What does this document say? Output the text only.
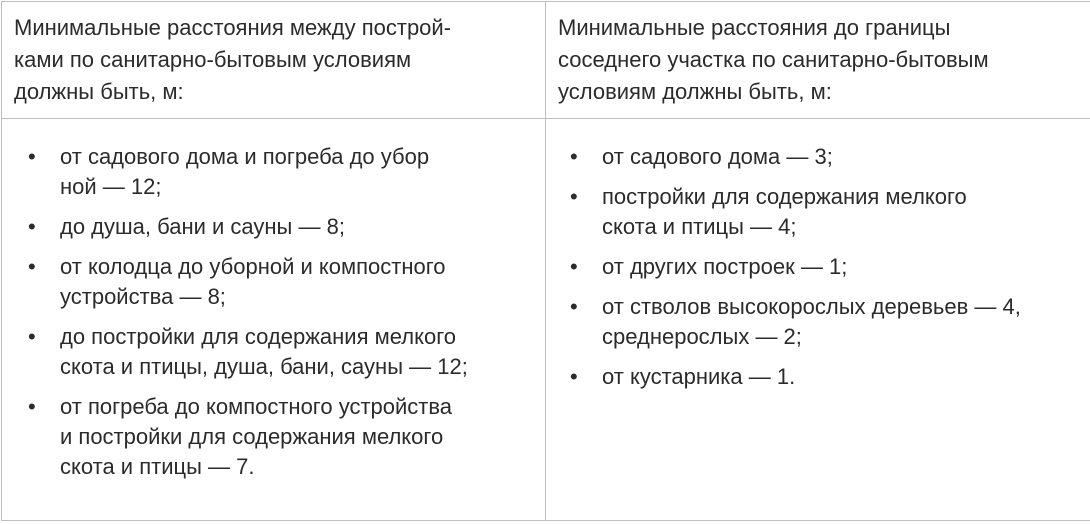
Минимальные расстояния между построй-
ками по санитарно-бытовым условиям
должны быть, м:
Минимальные расстояния до границы
соседнего участка по санитарно-бытовым
условиям должны быть, м:
• от садового дома и погреба до убор
ной — 12;
• до душа, бани и сауны — 8;
• от колодца до уборной и компостного
устройства — 8;
• до постройки для содержания мелкого
скота и птицы, душа, бани, сауны — 12;
• от погреба до компостного устройства
и постройки для содержания мелкого
скота и птицы — 7.
• от садового дома — 3;
• постройки для содержания мелкого
скота и птицы — 4;
• от других построек — 1;
• от стволов высокорослых деревьев — 4,
среднерослых — 2;
• от кустарника — 1.
